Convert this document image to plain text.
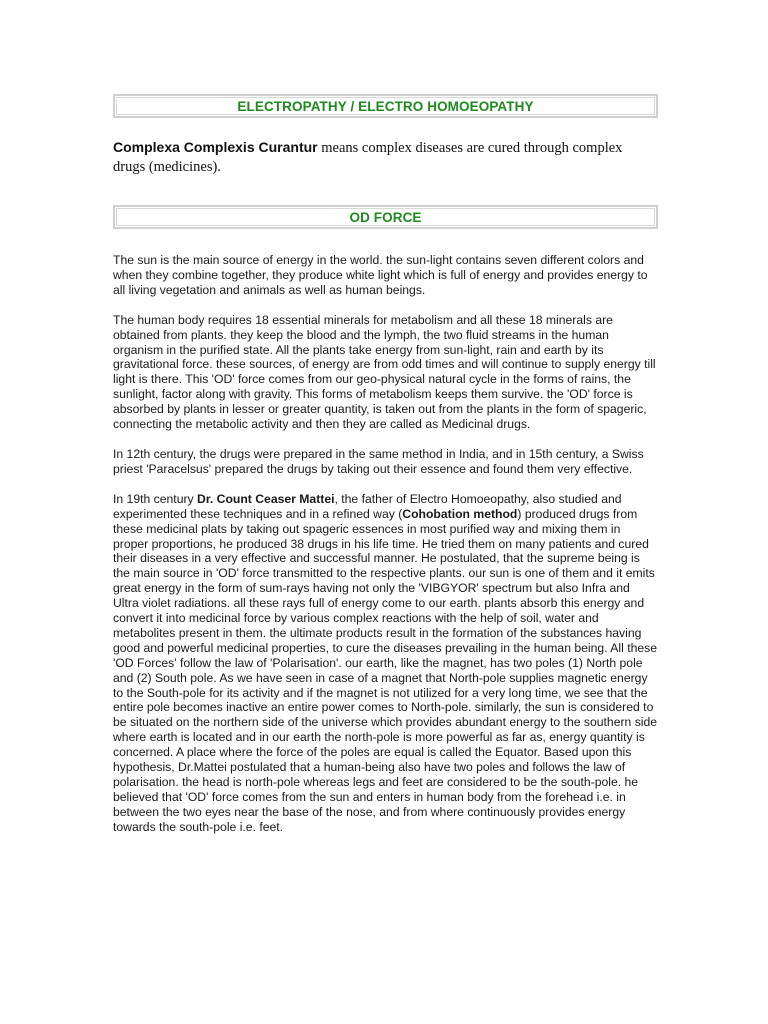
ELECTROPATHY / ELECTRO HOMOEOPATHY
Complexa Complexis Curantur means complex diseases are cured through complex drugs (medicines).
OD FORCE

The sun is the main source of energy in the world. the sun-light contains seven different colors and when they combine together, they produce white light which is full of energy and provides energy to all living vegetation and animals as well as human beings.

The human body requires 18 essential minerals for metabolism and all these 18 minerals are obtained from plants. they keep the blood and the lymph, the two fluid streams in the human organism in the purified state. All the plants take energy from sun-light, rain and earth by its gravitational force. these sources, of energy are from odd times and will continue to supply energy till light is there. This 'OD' force comes from our geo-physical natural cycle in the forms of rains, the sunlight, factor along with gravity. This forms of metabolism keeps them survive. the 'OD' force is absorbed by plants in lesser or greater quantity, is taken out from the plants in the form of spageric, connecting the metabolic activity and then they are called as Medicinal drugs.

In 12th century, the drugs were prepared in the same method in India, and in 15th century, a Swiss priest 'Paracelsus' prepared the drugs by taking out their essence and found them very effective.

In 19th century Dr. Count Ceaser Mattei, the father of Electro Homoeopathy, also studied and experimented these techniques and in a refined way (Cohobation method) produced drugs from these medicinal plats by taking out spageric essences in most purified way and mixing them in proper proportions, he produced 38 drugs in his life time. He tried them on many patients and cured their diseases in a very effective and successful manner. He postulated, that the supreme being is the main source in 'OD' force transmitted to the respective plants. our sun is one of them and it emits great energy in the form of sum-rays having not only the 'VIBGYOR' spectrum but also Infra and Ultra violet radiations. all these rays full of energy come to our earth. plants absorb this energy and convert it into medicinal force by various complex reactions with the help of soil, water and metabolites present in them. the ultimate products result in the formation of the substances having good and powerful medicinal properties, to cure the diseases prevailing in the human being. All these 'OD Forces' follow the law of 'Polarisation'. our earth, like the magnet, has two poles (1) North pole and (2) South pole. As we have seen in case of a magnet that North-pole supplies magnetic energy to the South-pole for its activity and if the magnet is not utilized for a very long time, we see that the entire pole becomes inactive an entire power comes to North-pole. similarly, the sun is considered to be situated on the northern side of the universe which provides abundant energy to the southern side where earth is located and in our earth the north-pole is more powerful as far as, energy quantity is concerned. A place where the force of the poles are equal is called the Equator. Based upon this hypothesis, Dr.Mattei postulated that a human-being also have two poles and follows the law of polarisation. the head is north-pole whereas legs and feet are considered to be the south-pole. he believed that 'OD' force comes from the sun and enters in human body from the forehead i.e. in between the two eyes near the base of the nose, and from where continuously provides energy towards the south-pole i.e. feet.
